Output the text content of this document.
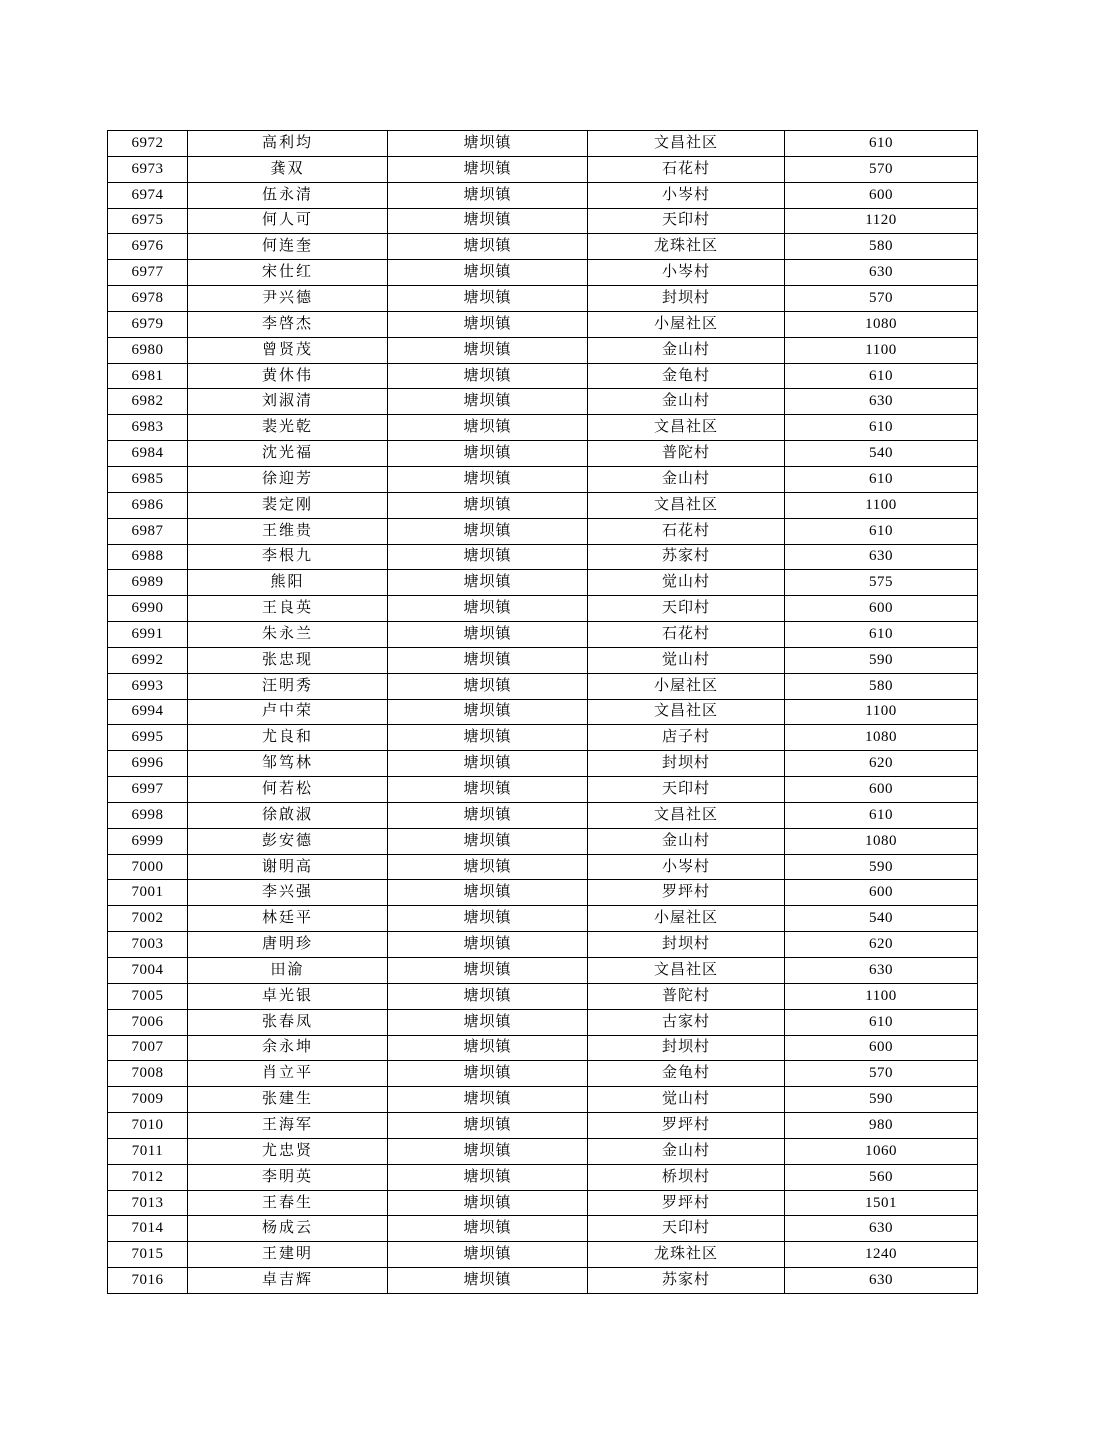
6972	高利均	塘坝镇	文昌社区	610
6973	龚双	塘坝镇	石花村	570
6974	伍永清	塘坝镇	小岑村	600
6975	何人可	塘坝镇	天印村	1120
6976	何连奎	塘坝镇	龙珠社区	580
6977	宋仕红	塘坝镇	小岑村	630
6978	尹兴德	塘坝镇	封坝村	570
6979	李啓杰	塘坝镇	小屋社区	1080
6980	曾贤茂	塘坝镇	金山村	1100
6981	黄休伟	塘坝镇	金龟村	610
6982	刘淑清	塘坝镇	金山村	630
6983	裴光乾	塘坝镇	文昌社区	610
6984	沈光福	塘坝镇	普陀村	540
6985	徐迎芳	塘坝镇	金山村	610
6986	裴定刚	塘坝镇	文昌社区	1100
6987	王维贵	塘坝镇	石花村	610
6988	李根九	塘坝镇	苏家村	630
6989	熊阳	塘坝镇	觉山村	575
6990	王良英	塘坝镇	天印村	600
6991	朱永兰	塘坝镇	石花村	610
6992	张忠现	塘坝镇	觉山村	590
6993	汪明秀	塘坝镇	小屋社区	580
6994	卢中荣	塘坝镇	文昌社区	1100
6995	尤良和	塘坝镇	店子村	1080
6996	邹笃林	塘坝镇	封坝村	620
6997	何若松	塘坝镇	天印村	600
6998	徐啟淑	塘坝镇	文昌社区	610
6999	彭安德	塘坝镇	金山村	1080
7000	谢明高	塘坝镇	小岑村	590
7001	李兴强	塘坝镇	罗坪村	600
7002	林廷平	塘坝镇	小屋社区	540
7003	唐明珍	塘坝镇	封坝村	620
7004	田渝	塘坝镇	文昌社区	630
7005	卓光银	塘坝镇	普陀村	1100
7006	张春凤	塘坝镇	古家村	610
7007	余永坤	塘坝镇	封坝村	600
7008	肖立平	塘坝镇	金龟村	570
7009	张建生	塘坝镇	觉山村	590
7010	王海军	塘坝镇	罗坪村	980
7011	尤忠贤	塘坝镇	金山村	1060
7012	李明英	塘坝镇	桥坝村	560
7013	王春生	塘坝镇	罗坪村	1501
7014	杨成云	塘坝镇	天印村	630
7015	王建明	塘坝镇	龙珠社区	1240
7016	卓吉辉	塘坝镇	苏家村	630
